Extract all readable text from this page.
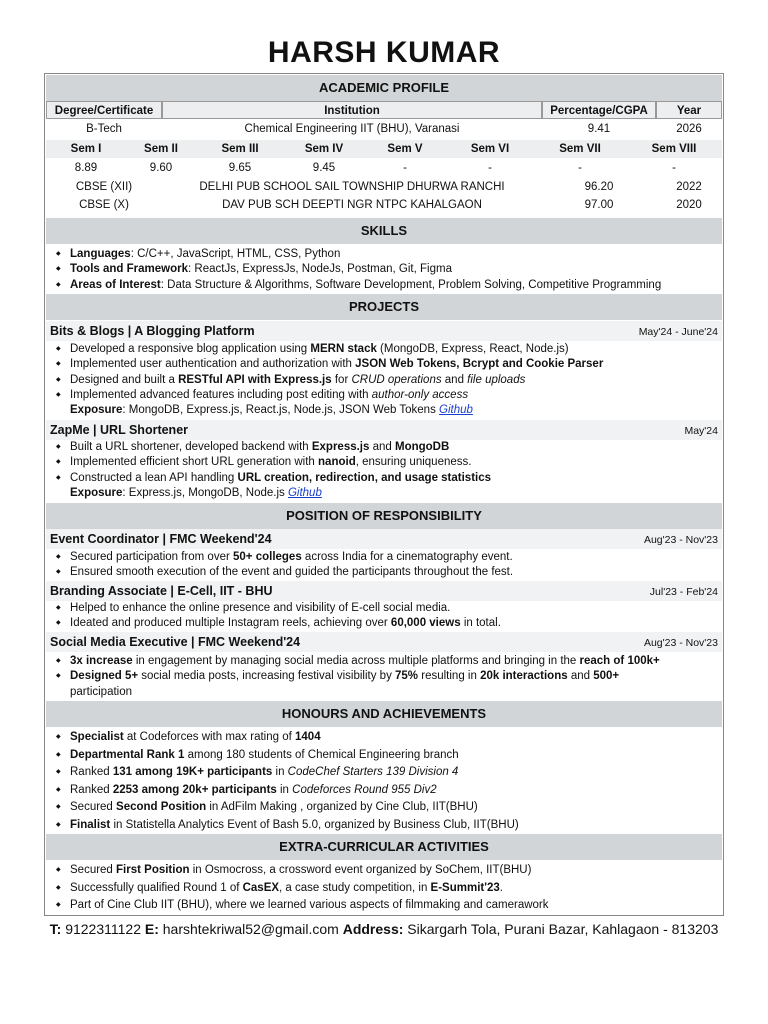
HARSH KUMAR
ACADEMIC PROFILE
Degree/Certificate	Institution	Percentage/CGPA	Year
B-Tech	Chemical Engineering IIT (BHU), Varanasi	9.41	2026
Sem I	Sem II	Sem III	Sem IV	Sem V	Sem VI	Sem VII	Sem VIII
8.89	9.60	9.65	9.45	-	-	-	-
CBSE (XII)	DELHI PUB SCHOOL SAIL TOWNSHIP DHURWA RANCHI	96.20	2022
CBSE (X)	DAV PUB SCH DEEPTI NGR NTPC KAHALGAON	97.00	2020
SKILLS
◆ Languages: C/C++, JavaScript, HTML, CSS, Python
◆ Tools and Framework: ReactJs, ExpressJs, NodeJs, Postman, Git, Figma
◆ Areas of Interest: Data Structure & Algorithms, Software Development, Problem Solving, Competitive Programming
PROJECTS
Bits & Blogs | A Blogging Platform	May'24 - June'24
◆ Developed a responsive blog application using MERN stack (MongoDB, Express, React, Node.js)
◆ Implemented user authentication and authorization with JSON Web Tokens, Bcrypt and Cookie Parser
◆ Designed and built a RESTful API with Express.js for CRUD operations and file uploads
◆ Implemented advanced features including post editing with author-only access
Exposure: MongoDB, Express.js, React.js, Node.js, JSON Web Tokens Github
ZapMe | URL Shortener	May'24
◆ Built a URL shortener, developed backend with Express.js and MongoDB
◆ Implemented efficient short URL generation with nanoid, ensuring uniqueness.
◆ Constructed a lean API handling URL creation, redirection, and usage statistics
Exposure: Express.js, MongoDB, Node.js Github
POSITION OF RESPONSIBILITY
Event Coordinator | FMC Weekend'24	Aug'23 - Nov'23
◆ Secured participation from over 50+ colleges across India for a cinematography event.
◆ Ensured smooth execution of the event and guided the participants throughout the fest.
Branding Associate | E-Cell, IIT - BHU	Jul'23 - Feb'24
◆ Helped to enhance the online presence and visibility of E-cell social media.
◆ Ideated and produced multiple Instagram reels, achieving over 60,000 views in total.
Social Media Executive | FMC Weekend'24	Aug'23 - Nov'23
◆ 3x increase in engagement by managing social media across multiple platforms and bringing in the reach of 100k+
◆ Designed 5+ social media posts, increasing festival visibility by 75% resulting in 20k interactions and 500+
participation
HONOURS AND ACHIEVEMENTS
◆ Specialist at Codeforces with max rating of 1404
◆ Departmental Rank 1 among 180 students of Chemical Engineering branch
◆ Ranked 131 among 19K+ participants in CodeChef Starters 139 Division 4
◆ Ranked 2253 among 20k+ participants in Codeforces Round 955 Div2
◆ Secured Second Position in AdFilm Making , organized by Cine Club, IIT(BHU)
◆ Finalist in Statistella Analytics Event of Bash 5.0, organized by Business Club, IIT(BHU)
EXTRA-CURRICULAR ACTIVITIES
◆ Secured First Position in Osmocross, a crossword event organized by SoChem, IIT(BHU)
◆ Successfully qualified Round 1 of CasEX, a case study competition, in E-Summit'23.
◆ Part of Cine Club IIT (BHU), where we learned various aspects of filmmaking and camerawork
T: 9122311122 E: harshtekriwal52@gmail.com Address: Sikargarh Tola, Purani Bazar, Kahlagaon - 813203
